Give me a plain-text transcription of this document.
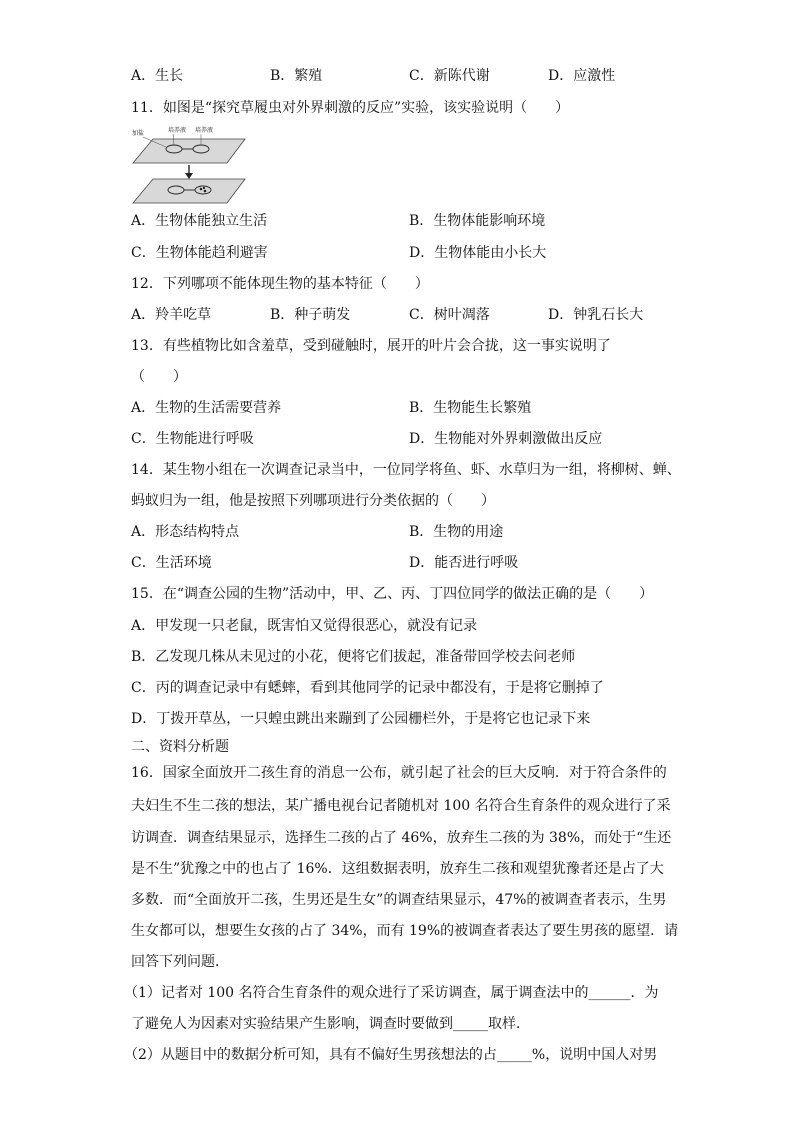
A．生长	B．繁殖	C．新陈代谢	D．应激性
11．如图是“探究草履虫对外界刺激的反应”实验，该实验说明（　　）
加盐	培养液 培养液
A．生物体能独立生活	B．生物体能影响环境
C．生物体能趋利避害	D．生物体能由小长大
12．下列哪项不能体现生物的基本特征（　　）
A．羚羊吃草	B．种子萌发	C．树叶凋落	D．钟乳石长大
13．有些植物比如含羞草，受到碰触时，展开的叶片会合拢，这一事实说明了
（　　）
A．生物的生活需要营养	B．生物能生长繁殖
C．生物能进行呼吸	D．生物能对外界刺激做出反应
14．某生物小组在一次调查记录当中，一位同学将鱼、虾、水草归为一组，将柳树、蝉、
蚂蚁归为一组，他是按照下列哪项进行分类依据的（　　）
A．形态结构特点	B．生物的用途
C．生活环境	D．能否进行呼吸
15．在“调查公园的生物”活动中，甲、乙、丙、丁四位同学的做法正确的是（　　）
A．甲发现一只老鼠，既害怕又觉得很恶心，就没有记录
B．乙发现几株从未见过的小花，便将它们拔起，准备带回学校去问老师
C．丙的调查记录中有蟋蟀，看到其他同学的记录中都没有，于是将它删掉了
D．丁拨开草丛，一只蝗虫跳出来蹦到了公园栅栏外，于是将它也记录下来
二、资料分析题
16．国家全面放开二孩生育的消息一公布，就引起了社会的巨大反响．对于符合条件的
夫妇生不生二孩的想法，某广播电视台记者随机对 100 名符合生育条件的观众进行了采
访调查．调查结果显示，选择生二孩的占了 46%，放弃生二孩的为 38%，而处于“生还
是不生”犹豫之中的也占了 16%．这组数据表明，放弃生二孩和观望犹豫者还是占了大
多数．而“全面放开二孩，生男还是生女”的调查结果显示，47%的被调查者表示，生男
生女都可以，想要生女孩的占了 34%，而有 19%的被调查者表达了要生男孩的愿望．请
回答下列问题．
（1）记者对 100 名符合生育条件的观众进行了采访调查，属于调查法中的______．为
了避免人为因素对实验结果产生影响，调查时要做到_____取样．
（2）从题目中的数据分析可知，具有不偏好生男孩想法的占_____%，说明中国人对男
